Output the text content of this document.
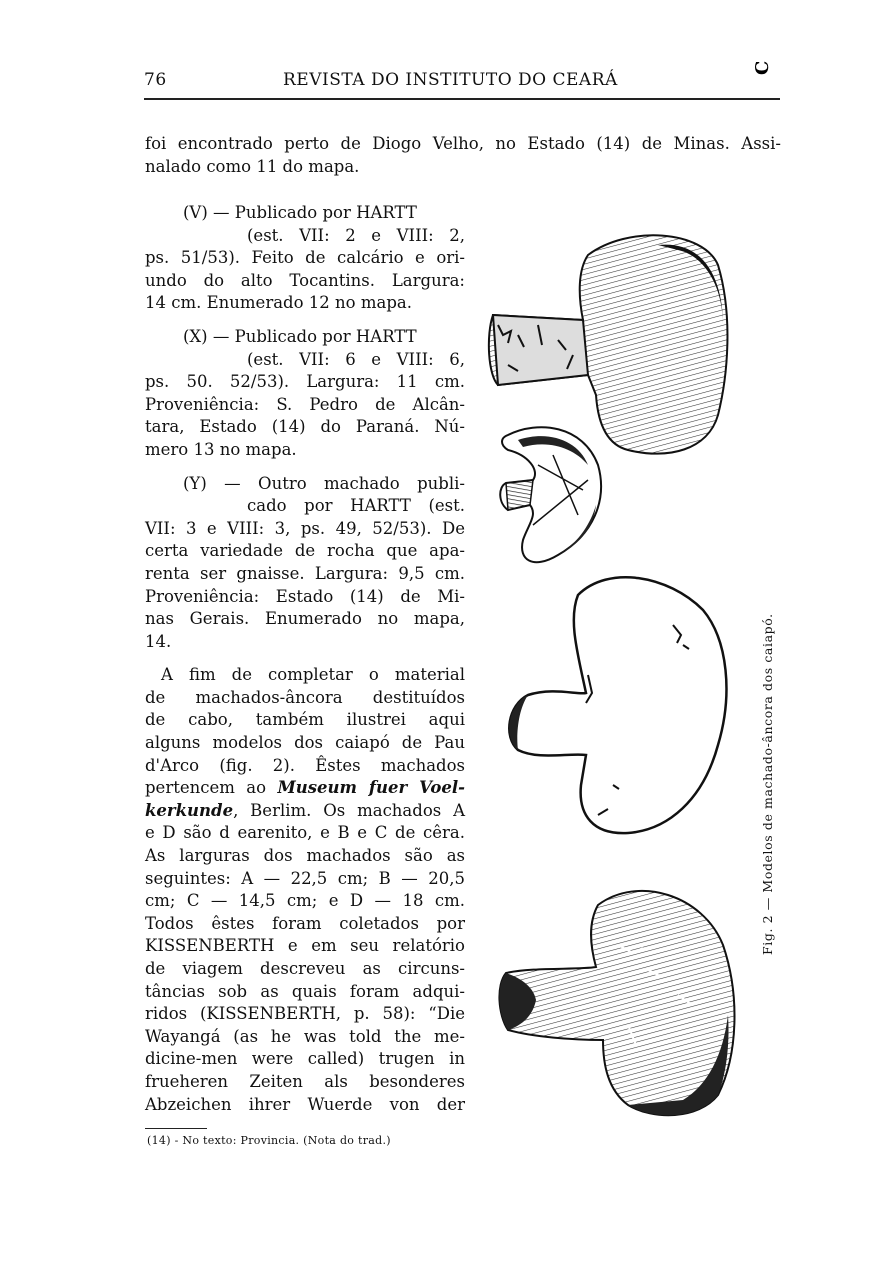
76	REVISTA DO INSTITUTO DO CEARÁ
foi encontrado perto de Diogo Velho, no Estado (14) de Minas. Assi-
nalado como 11 do mapa.
(V) — Publicado por HARTT
(est. VII: 2 e VIII: 2,
ps. 51/53). Feito de calcário e ori-
undo do alto Tocantins. Largura:
14 cm. Enumerado 12 no mapa.
(X) — Publicado por HARTT
(est. VII: 6 e VIII: 6,
ps. 50. 52/53). Largura: 11 cm.
Proveniência: S. Pedro de Alcân-
tara, Estado (14) do Paraná. Nú-
mero 13 no mapa.
(Y) — Outro machado publi-
cado por HARTT (est.
VII: 3 e VIII: 3, ps. 49, 52/53). De
certa variedade de rocha que apa-
renta ser gnaisse. Largura: 9,5 cm.
Proveniência: Estado (14) de Mi-
nas Gerais. Enumerado no mapa,
14.
A fim de completar o material
de machados-âncora destituídos
de cabo, também ilustrei aqui
alguns modelos dos caiapó de Pau
d'Arco (fig. 2). Êstes machados
pertencem ao Museum fuer Voel-
kerkunde, Berlim. Os machados A
e D são d earenito, e B e C de cêra.
As larguras dos machados são as
seguintes: A — 22,5 cm; B — 20,5
cm; C — 14,5 cm; e D — 18 cm.
Todos êstes foram coletados por
KISSENBERTH e em seu relatório
de viagem descreveu as circuns-
tâncias sob as quais foram adqui-
ridos (KISSENBERTH, p. 58): “Die
Wayangá (as he was told the me-
dicine-men were called) trugen in
frueheren Zeiten als besonderes
Abzeichen ihrer Wuerde von der
(14) - No texto: Provincia. (Nota do trad.)
C
Fig. 2 — Modelos de machado-âncora dos caiapó.
